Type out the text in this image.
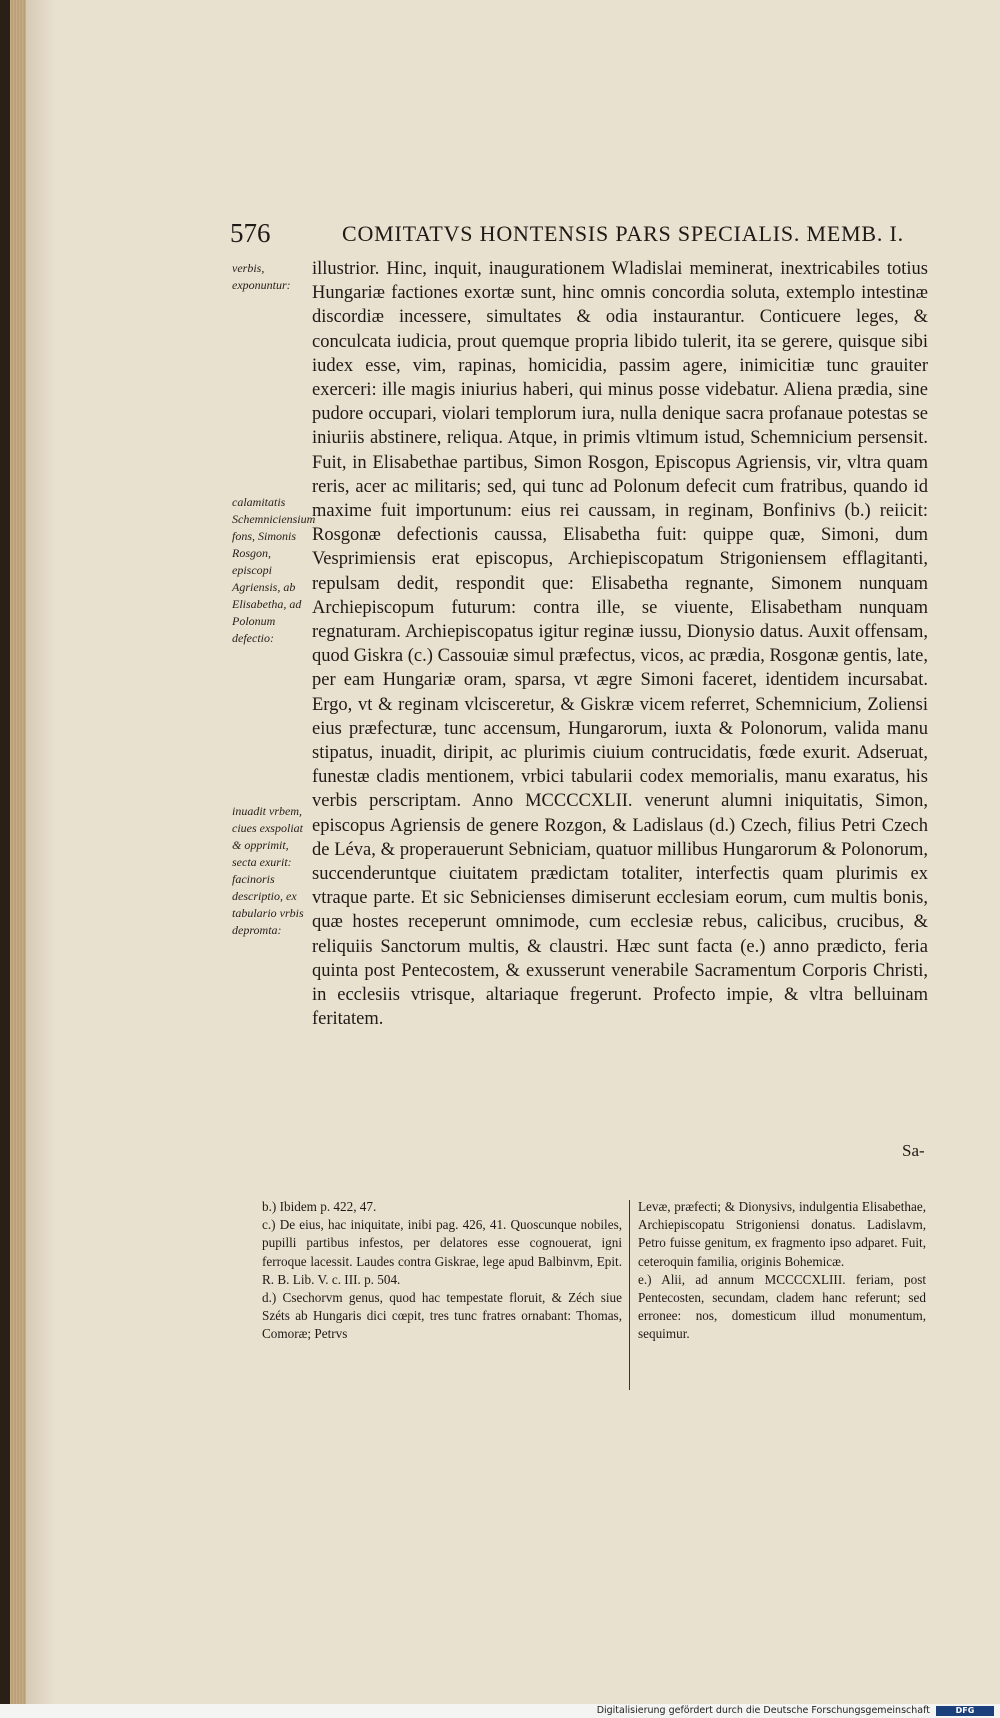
576	COMITATVS HONTENSIS PARS SPECIALIS. MEMB. I.
verbis, exponuntur:
calamitatis Schemniciensium fons, Simonis Rosgon, episcopi Agriensis, ab Elisabetha, ad Polonum defectio:
inuadit vrbem, ciues exspoliat & opprimit, secta exurit: facinoris descriptio, ex tabulario vrbis depromta:

illustrior. Hinc, inquit, inaugurationem Wladislai meminerat, inextricabiles totius Hungariæ factiones exortæ sunt, hinc omnis concordia soluta, extemplo intestinæ discordiæ incessere, simultates & odia instaurantur. Conticuere leges, & conculcata iudicia, prout quemque propria libido tulerit, ita se gerere, quisque sibi iudex esse, vim, rapinas, homicidia, passim agere, inimicitiæ tunc grauiter exerceri: ille magis iniurius haberi, qui minus posse videbatur. Aliena prædia, sine pudore occupari, violari templorum iura, nulla denique sacra profanaue potestas se iniuriis abstinere, reliqua. Atque, in primis vltimum istud, Schemnicium persensit. Fuit, in Elisabethae partibus, Simon Rosgon, Episcopus Agriensis, vir, vltra quam reris, acer ac militaris; sed, qui tunc ad Polonum defecit cum fratribus, quando id maxime fuit importunum: eius rei caussam, in reginam, Bonfinivs (b.) reiicit: Rosgonæ defectionis caussa, Elisabetha fuit: quippe quæ, Simoni, dum Vesprimiensis erat episcopus, Archiepiscopatum Strigoniensem efflagitanti, repulsam dedit, respondit que: Elisabetha regnante, Simonem nunquam Archiepiscopum futurum: contra ille, se viuente, Elisabetham nunquam regnaturam. Archiepiscopatus igitur reginæ iussu, Dionysio datus. Auxit offensam, quod Giskra (c.) Cassouiæ simul præfectus, vicos, ac prædia, Rosgonæ gentis, late, per eam Hungariæ oram, sparsa, vt ægre Simoni faceret, identidem incursabat. Ergo, vt & reginam vlcisceretur, & Giskræ vicem referret, Schemnicium, Zoliensi eius præfecturæ, tunc accensum, Hungarorum, iuxta & Polonorum, valida manu stipatus, inuadit, diripit, ac plurimis ciuium contrucidatis, fœde exurit. Adseruat, funestæ cladis mentionem, vrbici tabularii codex memorialis, manu exaratus, his verbis perscriptam. Anno MCCCCXLII. venerunt alumni iniquitatis, Simon, episcopus Agriensis de genere Rozgon, & Ladislaus (d.) Czech, filius Petri Czech de Léva, & properauerunt Sebniciam, quatuor millibus Hungarorum & Polonorum, succenderuntque ciuitatem prædictam totaliter, interfectis quam plurimis ex vtraque parte. Et sic Sebnicienses dimiserunt ecclesiam eorum, cum multis bonis, quæ hostes receperunt omnimode, cum ecclesiæ rebus, calicibus, crucibus, & reliquiis Sanctorum multis, & claustri. Hæc sunt facta (e.) anno prædicto, feria quinta post Pentecostem, & exusserunt venerabile Sacramentum Corporis Christi, in ecclesiis vtrisque, altariaque fregerunt. Profecto impie, & vltra belluinam feritatem.

Sa-

b.) Ibidem p. 422, 47.

c.) De eius, hac iniquitate, inibi pag. 426, 41. Quoscunque nobiles, pupilli partibus infestos, per delatores esse cognouerat, igni ferroque lacessit. Laudes contra Giskrae, lege apud Balbinvm, Epit. R. B. Lib. V. c. III. p. 504.

d.) Csechorvm genus, quod hac tempestate floruit, & Zéch siue Széts ab Hungaris dici cœpit, tres tunc fratres ornabant: Thomas, Comoræ; Petrvs

Levæ, præfecti; & Dionysivs, indulgentia Elisabethae, Archiepiscopatu Strigoniensi donatus. Ladislavm, Petro fuisse genitum, ex fragmento ipso adparet. Fuit, ceteroquin familia, originis Bohemicæ.

e.) Alii, ad annum MCCCCXLIII. feriam, post Pentecosten, secundam, cladem hanc referunt; sed erronee: nos, domesticum illud monumentum, sequimur.

Digitalisierung gefördert durch die Deutsche Forschungsgemeinschaft	DFG
